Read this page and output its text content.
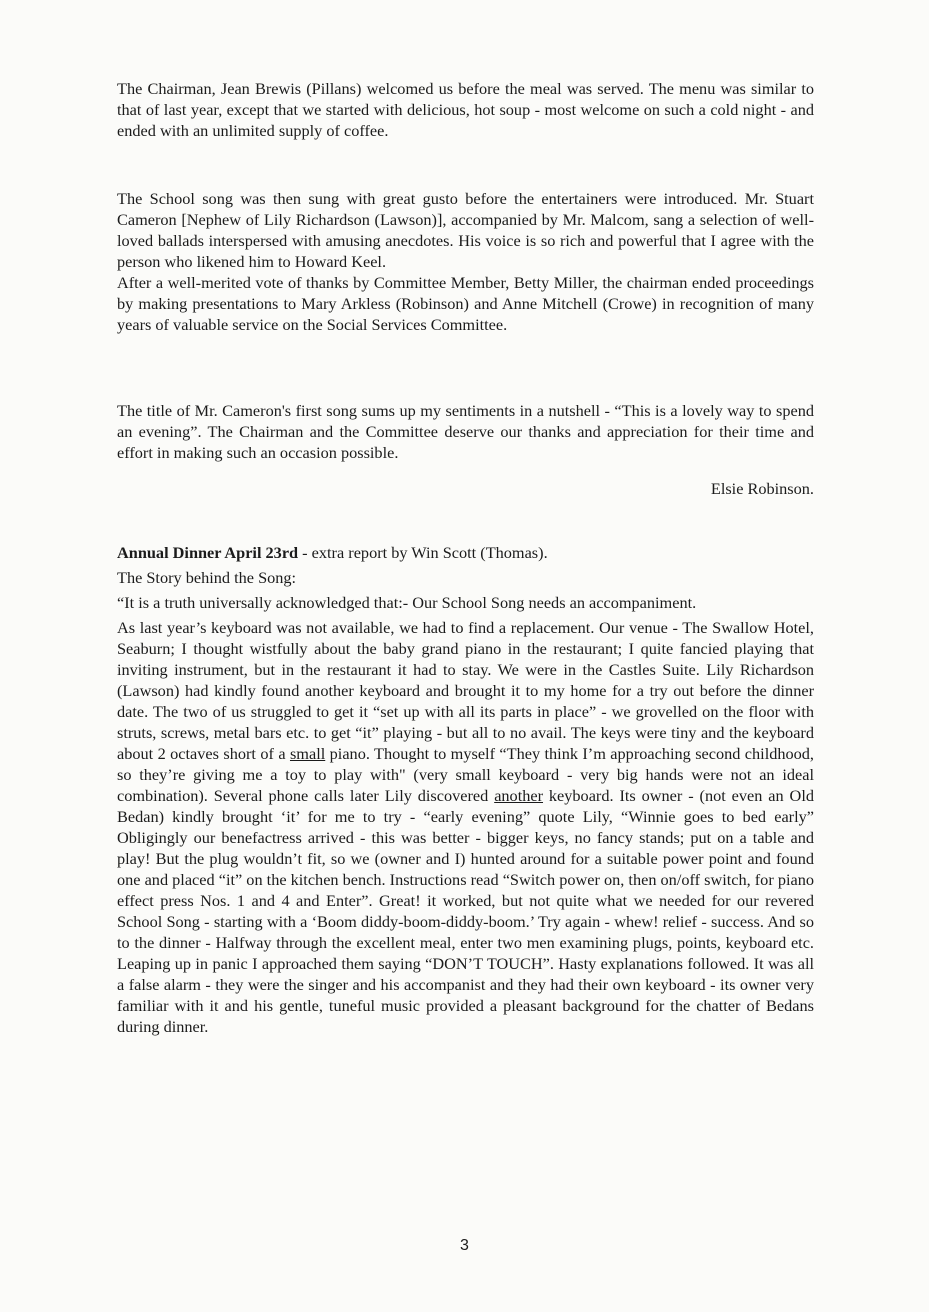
The Chairman, Jean Brewis (Pillans) welcomed us before the meal was served. The menu was similar to that of last year, except that we started with delicious, hot soup - most welcome on such a cold night - and ended with an unlimited supply of coffee.

The School song was then sung with great gusto before the entertainers were introduced. Mr. Stuart Cameron [Nephew of Lily Richardson (Lawson)], accompanied by Mr. Malcom, sang a selection of well-loved ballads interspersed with amusing anecdotes. His voice is so rich and powerful that I agree with the person who likened him to Howard Keel.

After a well-merited vote of thanks by Committee Member, Betty Miller, the chairman ended proceedings by making presentations to Mary Arkless (Robinson) and Anne Mitchell (Crowe) in recognition of many years of valuable service on the Social Services Committee.

The title of Mr. Cameron's first song sums up my sentiments in a nutshell - “This is a lovely way to spend an evening”. The Chairman and the Committee deserve our thanks and appreciation for their time and effort in making such an occasion possible.

Elsie Robinson.

Annual Dinner April 23rd - extra report by Win Scott (Thomas).

The Story behind the Song:

“It is a truth universally acknowledged that:- Our School Song needs an accompaniment.

As last year’s keyboard was not available, we had to find a replacement. Our venue - The Swallow Hotel, Seaburn; I thought wistfully about the baby grand piano in the restaurant; I quite fancied playing that inviting instrument, but in the restaurant it had to stay. We were in the Castles Suite. Lily Richardson (Lawson) had kindly found another keyboard and brought it to my home for a try out before the dinner date. The two of us struggled to get it “set up with all its parts in place” - we grovelled on the floor with struts, screws, metal bars etc. to get “it” playing - but all to no avail. The keys were tiny and the keyboard about 2 octaves short of a small piano. Thought to myself “They think I’m approaching second childhood, so they’re giving me a toy to play with" (very small keyboard - very big hands were not an ideal combination). Several phone calls later Lily discovered another keyboard. Its owner - (not even an Old Bedan) kindly brought ‘it’ for me to try - “early evening” quote Lily, “Winnie goes to bed early” Obligingly our benefactress arrived - this was better - bigger keys, no fancy stands; put on a table and play! But the plug wouldn’t fit, so we (owner and I) hunted around for a suitable power point and found one and placed “it” on the kitchen bench. Instructions read “Switch power on, then on/off switch, for piano effect press Nos. 1 and 4 and Enter”. Great! it worked, but not quite what we needed for our revered School Song - starting with a ‘Boom diddy-boom-diddy-boom.’ Try again - whew! relief - success. And so to the dinner - Halfway through the excellent meal, enter two men examining plugs, points, keyboard etc. Leaping up in panic I approached them saying “DON’T TOUCH”. Hasty explanations followed. It was all a false alarm - they were the singer and his accompanist and they had their own keyboard - its owner very familiar with it and his gentle, tuneful music provided a pleasant background for the chatter of Bedans during dinner.

3
